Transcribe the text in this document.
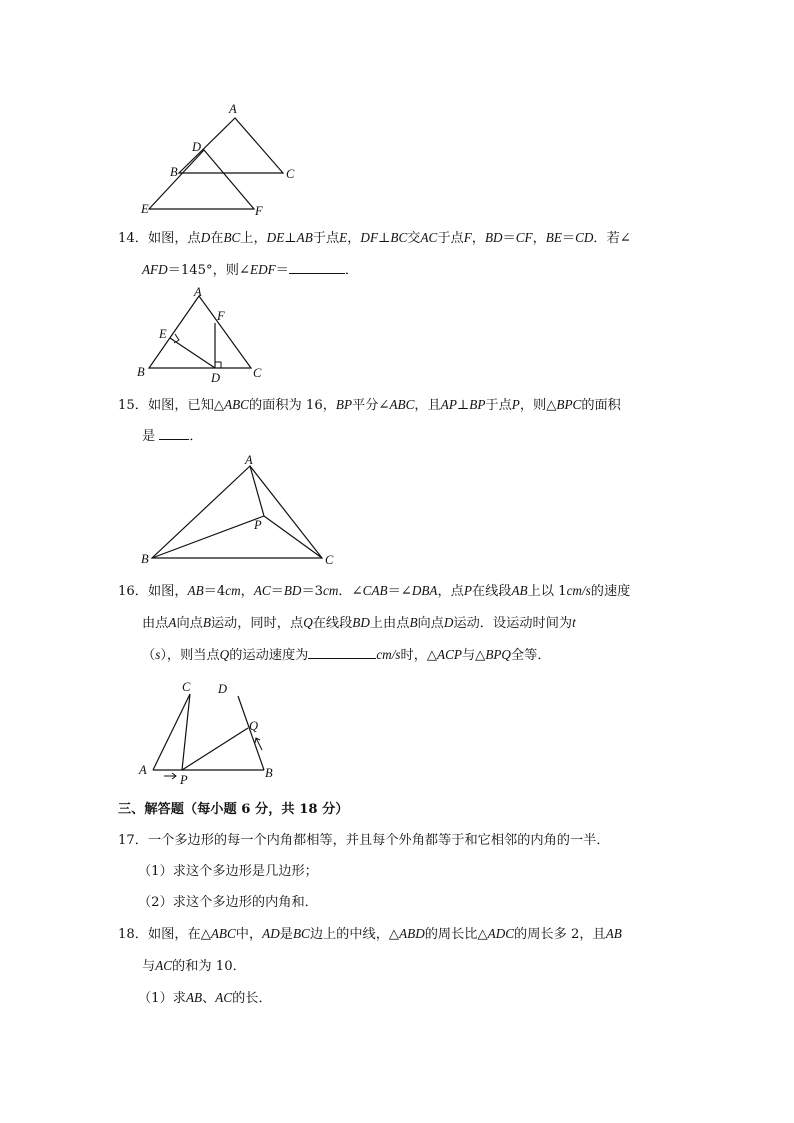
A
D
B	C
E	F

14．如图，点D在BC上，DE⊥AB于点E，DF⊥BC交AC于点F，BD＝CF，BE＝CD．若∠
AFD＝145°，则∠EDF＝	．

A
F
E
B	D	C

15．如图，已知△ABC的面积为 16，BP平分∠ABC，且AP⊥BP于点P，则△BPC的面积
是	．

A
P
B	C

16．如图，AB＝4cm，AC＝BD＝3cm．∠CAB＝∠DBA，点P在线段AB上以 1cm/s的速度
由点A向点B运动，同时，点Q在线段BD上由点B向点D运动．设运动时间为t
（s），则当点Q的运动速度为	cm/s时，△ACP与△BPQ全等．

C D
Q
A
P	B
三、解答题（每小题 6 分，共 18 分）

17．一个多边形的每一个内角都相等，并且每个外角都等于和它相邻的内角的一半．

（1）求这个多边形是几边形；

（2）求这个多边形的内角和．

18．如图，在△ABC中，AD是BC边上的中线，△ABD的周长比△ADC的周长多 2，且AB
与AC的和为 10．

（1）求AB、AC的长．
